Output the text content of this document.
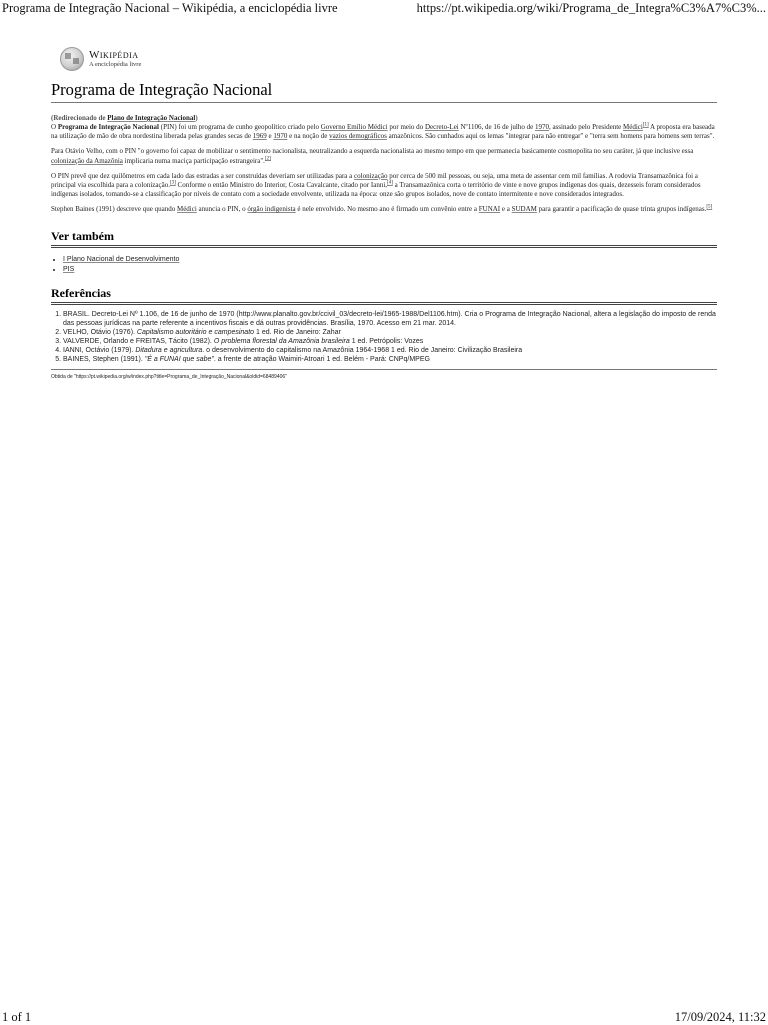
Programa de Integração Nacional – Wikipédia, a enciclopédia livre	https://pt.wikipedia.org/wiki/Programa_de_Integra%C3%A7%C3%...
Wikipédia
A enciclopédia livre
Programa de Integração Nacional
(Redirecionado de Plano de Integração Nacional)

O Programa de Integração Nacional (PIN) foi um programa de cunho geopolítico criado pelo Governo Emílio Médici por meio do Decreto-Lei Nº1106, de 16 de julho de 1970, assinado pelo Presidente Médici[1] A proposta era baseada na utilização de mão de obra nordestina liberada pelas grandes secas de 1969 e 1970 e na noção de vazios demográficos amazônicos. São cunhados aqui os lemas "integrar para não entregar" e "terra sem homens para homens sem terras".

Para Otávio Velho, com o PIN "o governo foi capaz de mobilizar o sentimento nacionalista, neutralizando a esquerda nacionalista ao mesmo tempo em que permanecia basicamente cosmopolita no seu caráter, já que inclusive essa colonização da Amazônia implicaria numa maciça participação estrangeira".[2]

O PIN prevê que dez quilômetros em cada lado das estradas a ser construídas deveriam ser utilizadas para a colonização por cerca de 500 mil pessoas, ou seja, uma meta de assentar cem mil famílias. A rodovia Transamazônica foi a principal via escolhida para a colonização.[3] Conforme o então Ministro do Interior, Costa Cavalcante, citado por Ianni,[4] a Transamazônica corta o território de vinte e nove grupos indígenas dos quais, dezesseis foram considerados indígenas isolados, tomando-se a classificação por níveis de contato com a sociedade envolvente, utilizada na época: onze são grupos isolados, nove de contato intermitente e nove considerados integrados.

Stephen Baines (1991) descreve que quando Médici anuncia o PIN, o órgão indigenista é nele envolvido. No mesmo ano é firmado um convênio entre a FUNAI e a SUDAM para garantir a pacificação de quase trinta grupos indígenas.[5]

Ver também
• I Plano Nacional de Desenvolvimento
• PIS
Referências
1. BRASIL. Decreto-Lei Nº 1.106, de 16 de junho de 1970 (http://www.planalto.gov.br/ccivil_03/decreto-lei/1965-1988/Del1106.htm). Cria o Programa de Integração Nacional, altera a legislação do imposto de renda das pessoas jurídicas na parte referente a incentivos fiscais e dá outras providências. Brasília, 1970. Acesso em 21 mar. 2014.
2. VELHO, Otávio (1976). Capitalismo autoritário e campesinato 1 ed. Rio de Janeiro: Zahar
3. VALVERDE, Orlando e FREITAS, Tácito (1982). O problema florestal da Amazônia brasileira 1 ed. Petrópolis: Vozes
4. IANNI, Octávio (1979). Ditadura e agricultura. o desenvolvimento do capitalismo na Amazônia 1964-1968 1 ed. Rio de Janeiro: Civilização Brasileira
5. BAINES, Stephen (1991). "É a FUNAI que sabe". a frente de atração Waimiri-Atroari 1 ed. Belém - Pará: CNPq/MPEG
Obtida de "https://pt.wikipedia.org/w/index.php?title=Programa_de_Integração_Nacional&oldid=68489406"
1 of 1	17/09/2024, 11:32
